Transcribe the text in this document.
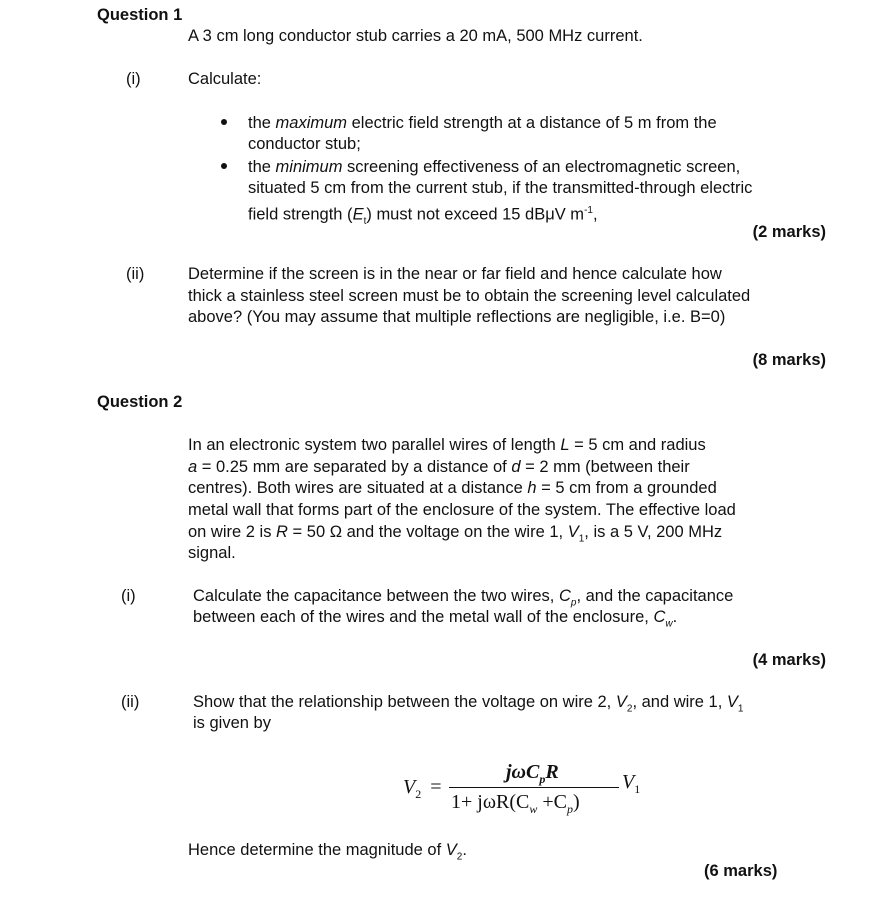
Question 1
A 3 cm long conductor stub carries a 20 mA, 500 MHz current.
(i)	Calculate:
the maximum electric field strength at a distance of 5 m from the
conductor stub;
the minimum screening effectiveness of an electromagnetic screen,
situated 5 cm from the current stub, if the transmitted-through electric
field strength $(E_t)$ must not exceed 15 dBμV $m^{-1}$,
(2 marks)
(ii)	Determine if the screen is in the near or far field and hence calculate how
thick a stainless steel screen must be to obtain the screening level calculated
above? (You may assume that multiple reflections are negligible, i.e. B=0)
(8 marks)
Question 2
In an electronic system two parallel wires of length L = 5 cm and radius
a = 0.25 mm are separated by a distance of d = 2 mm (between their
centres). Both wires are situated at a distance h = 5 cm from a grounded
metal wall that forms part of the enclosure of the system. The effective load
on wire 2 is R = 50 Ω and the voltage on the wire 1, $V_1$, is a 5 V, 200 MHz
signal.
(i)	Calculate the capacitance between the two wires, $C_p$, and the capacitance
between each of the wires and the metal wall of the enclosure, $C_w$.
(4 marks)
(ii)	Show that the relationship between the voltage on wire 2, $V_2$, and wire 1, $V_1$
is given by
$V_2$ =
jωC$_p$R
$1+ j\omega R(C_w +C_p)$
$V_1$
Hence determine the magnitude of $V_2$.
(6 marks)
